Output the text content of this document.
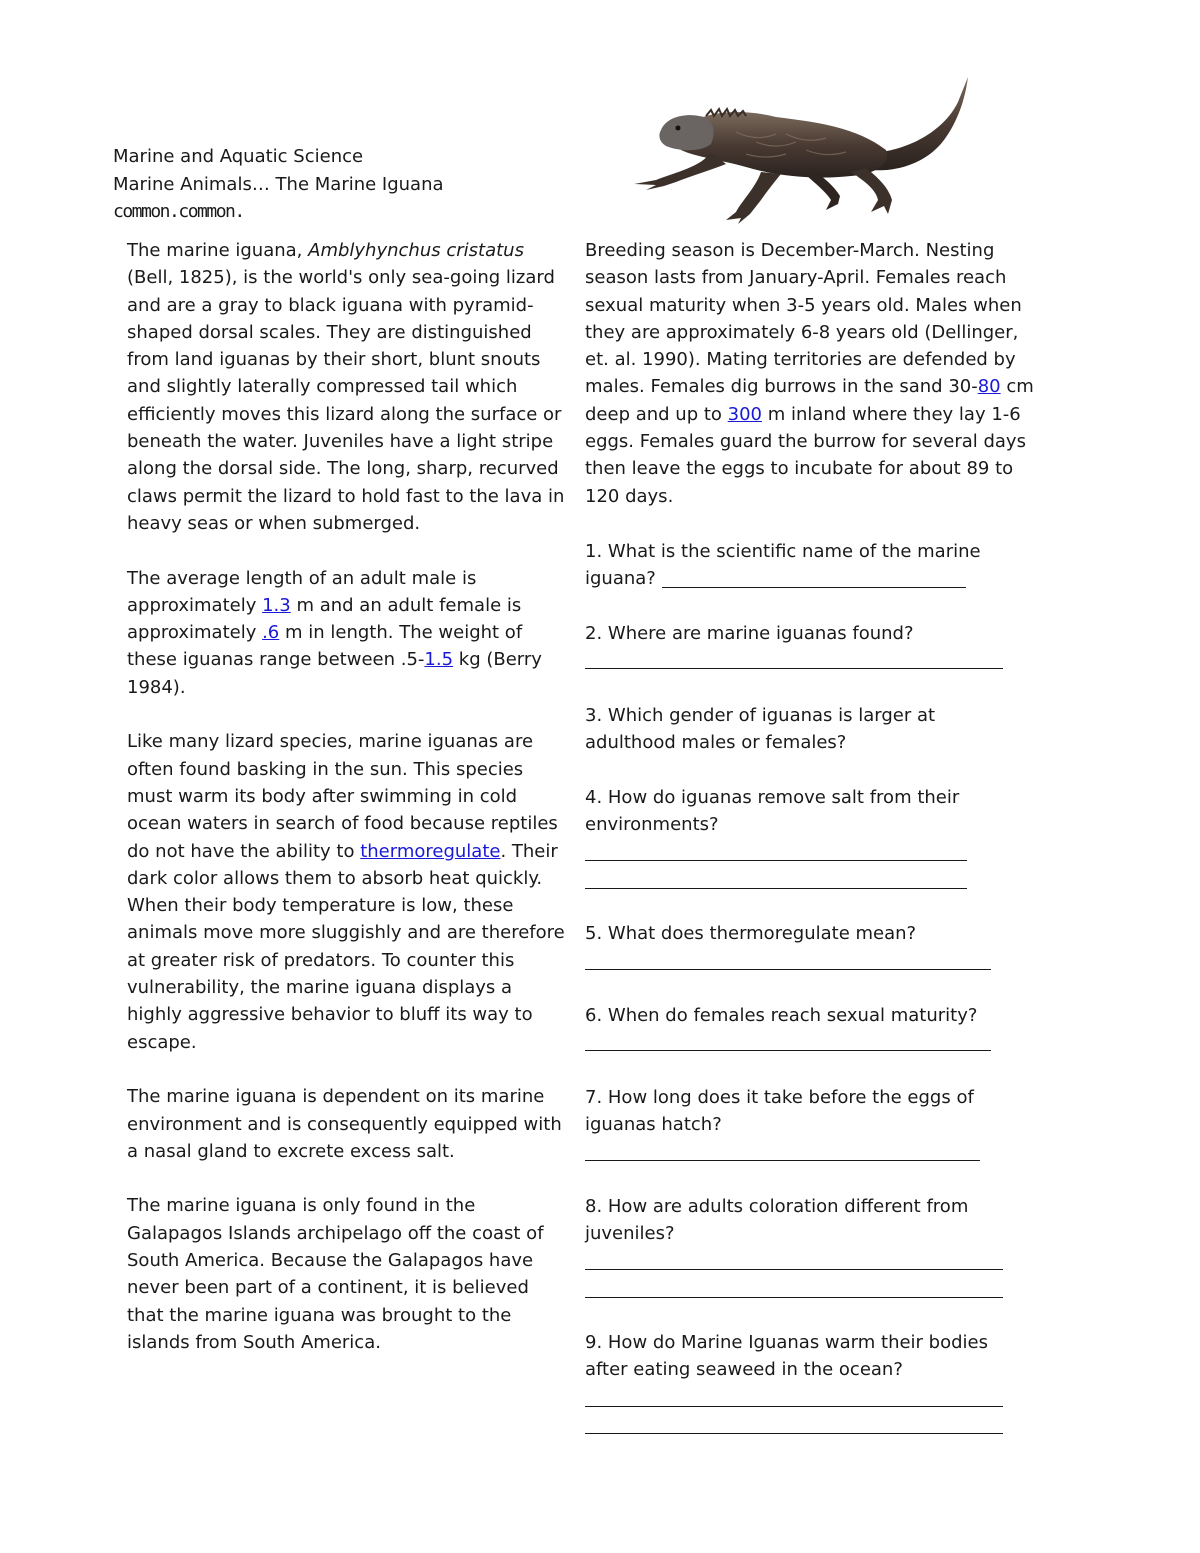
Marine and Aquatic Science
Marine Animals… The Marine Iguana
common.common.

The marine iguana, Amblyhynchus cristatus (Bell, 1825), is the world's only sea-going lizard and are a gray to black iguana with pyramid-shaped dorsal scales. They are distinguished from land iguanas by their short, blunt snouts and slightly laterally compressed tail which efficiently moves this lizard along the surface or beneath the water. Juveniles have a light stripe along the dorsal side. The long, sharp, recurved claws permit the lizard to hold fast to the lava in heavy seas or when submerged.

The average length of an adult male is approximately 1.3 m and an adult female is approximately .6 m in length. The weight of these iguanas range between .5-1.5 kg (Berry 1984).

Like many lizard species, marine iguanas are often found basking in the sun. This species must warm its body after swimming in cold ocean waters in search of food because reptiles do not have the ability to thermoregulate. Their dark color allows them to absorb heat quickly. When their body temperature is low, these animals move more sluggishly and are therefore at greater risk of predators. To counter this vulnerability, the marine iguana displays a highly aggressive behavior to bluff its way to escape.

The marine iguana is dependent on its marine environment and is consequently equipped with a nasal gland to excrete excess salt.

The marine iguana is only found in the Galapagos Islands archipelago off the coast of South America. Because the Galapagos have never been part of a continent, it is believed that the marine iguana was brought to the islands from South America.

Breeding season is December-March. Nesting season lasts from January-April. Females reach sexual maturity when 3-5 years old. Males when they are approximately 6-8 years old (Dellinger, et. al. 1990). Mating territories are defended by males. Females dig burrows in the sand 30-80 cm deep and up to 300 m inland where they lay 1-6 eggs. Females guard the burrow for several days then leave the eggs to incubate for about 89 to 120 days.

1. What is the scientific name of the marine iguana?
2. Where are marine iguanas found?
3. Which gender of iguanas is larger at adulthood males or females?
4. How do iguanas remove salt from their environments?
5. What does thermoregulate mean?
6. When do females reach sexual maturity?
7. How long does it take before the eggs of iguanas hatch?
8. How are adults coloration different from juveniles?
9. How do Marine Iguanas warm their bodies after eating seaweed in the ocean?
